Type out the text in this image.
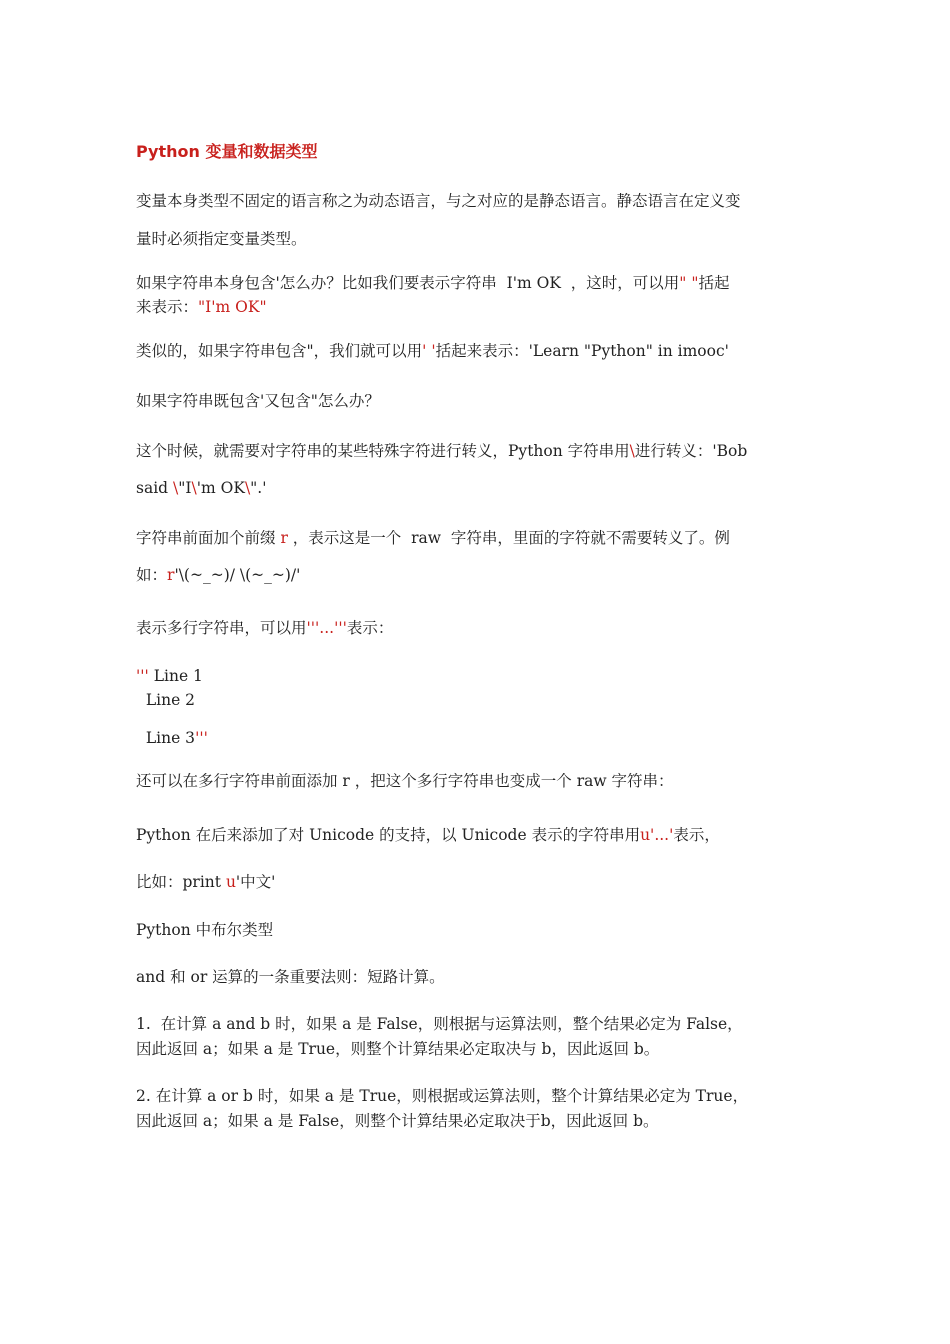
Python 变量和数据类型
变量本身类型不固定的语言称之为动态语言，与之对应的是静态语言。静态语言在定义变
量时必须指定变量类型。
如果字符串本身包含'怎么办？比如我们要表示字符串  I'm OK  ，这时，可以用" "括起
来表示："I'm OK"
类似的，如果字符串包含"，我们就可以用' '括起来表示：'Learn "Python" in imooc'
如果字符串既包含'又包含"怎么办？
这个时候，就需要对字符串的某些特殊字符进行转义，Python 字符串用\进行转义：'Bob
said \"I\'m OK\".'
字符串前面加个前缀 r ，表示这是一个  raw  字符串，里面的字符就不需要转义了。例
如：r'\(~_~)/ \(~_~)/'
表示多行字符串，可以用'''...'''表示：
''' Line 1
Line 2
Line 3'''
还可以在多行字符串前面添加 r ，把这个多行字符串也变成一个 raw 字符串：
Python 在后来添加了对 Unicode 的支持，以 Unicode 表示的字符串用u'...'表示，
比如：print u'中文'
Python 中布尔类型
and 和 or 运算的一条重要法则：短路计算。
1.  在计算 a and b 时，如果 a 是 False，则根据与运算法则，整个结果必定为 False，
因此返回 a；如果 a 是 True，则整个计算结果必定取决与 b，因此返回 b。
2. 在计算 a or b 时，如果 a 是 True，则根据或运算法则，整个计算结果必定为 True，
因此返回 a；如果 a 是 False，则整个计算结果必定取决于b，因此返回 b。
